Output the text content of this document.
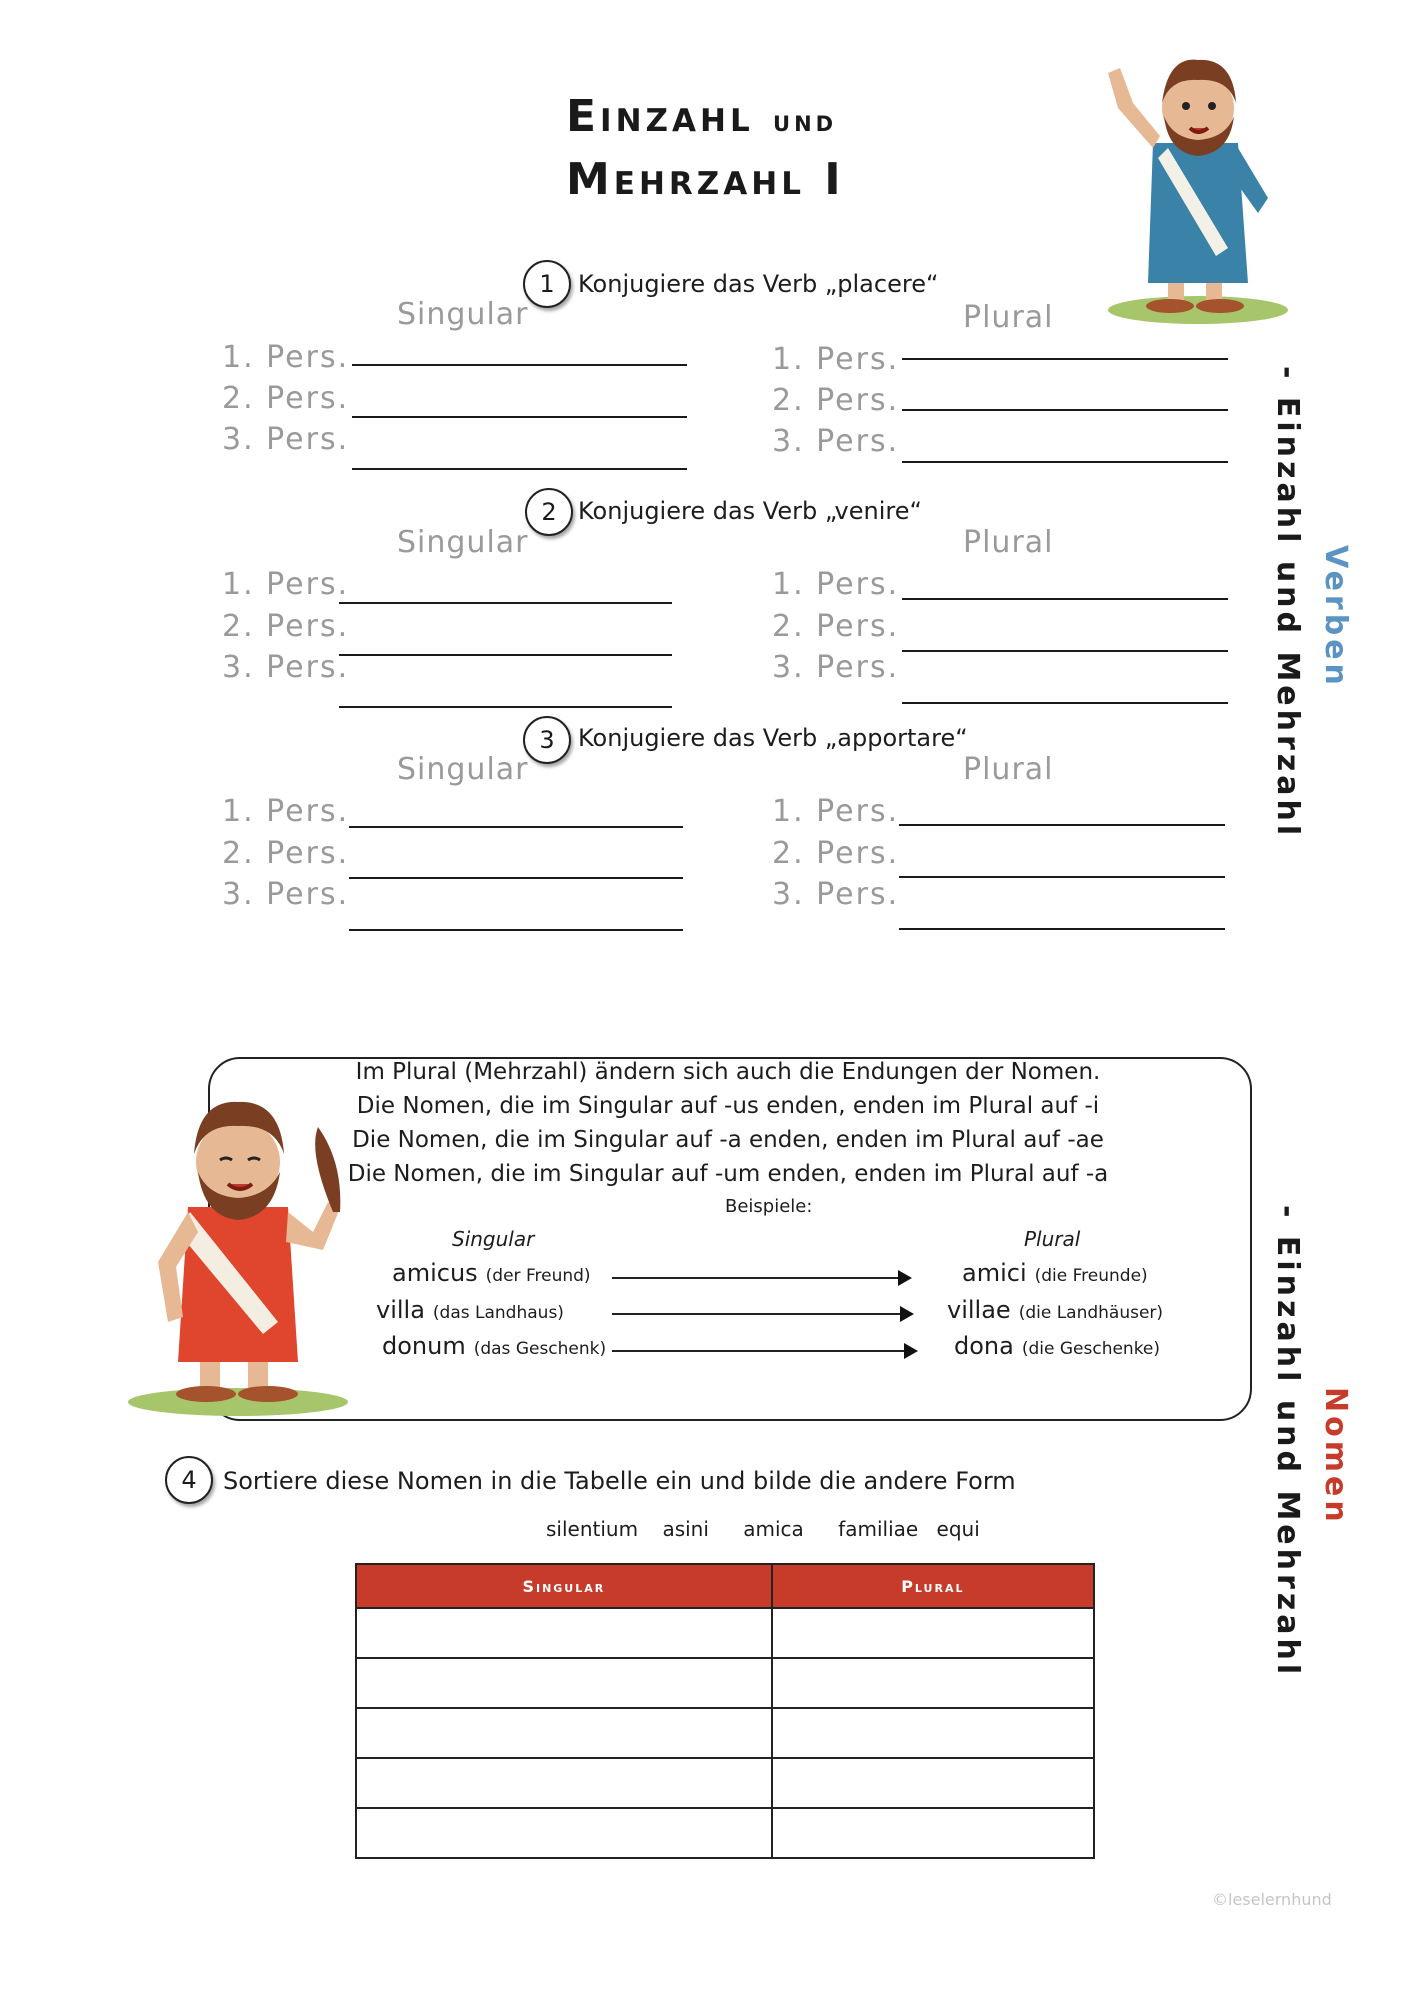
Einzahl und
Mehrzahl I
Verben
- Einzahl und Mehrzahl
Nomen
- Einzahl und Mehrzahl
1 Konjugiere das Verb „placere“
Singular	Plural
1. Pers.
2. Pers.
3. Pers.
1. Pers.
2. Pers.
3. Pers.
2 Konjugiere das Verb „venire“
Singular	Plural
1. Pers.
2. Pers.
3. Pers.
1. Pers.
2. Pers.
3. Pers.
3 Konjugiere das Verb „apportare“
Singular	Plural
1. Pers.
2. Pers.
3. Pers.
1. Pers.
2. Pers.
3. Pers.
Im Plural (Mehrzahl) ändern sich auch die Endungen der Nomen.
Die Nomen, die im Singular auf -us enden, enden im Plural auf -i
Die Nomen, die im Singular auf -a enden, enden im Plural auf -ae
Die Nomen, die im Singular auf -um enden, enden im Plural auf -a
Beispiele:
Singular	Plural
amicus (der Freund)	amici (die Freunde)
villa (das Landhaus)	villae (die Landhäuser)
donum (das Geschenk)	dona (die Geschenke)
4	Sortiere diese Nomen in die Tabelle ein und bilde die andere Form
silentium asini amica familiae equi
Singular	Plural

©leselernhund
